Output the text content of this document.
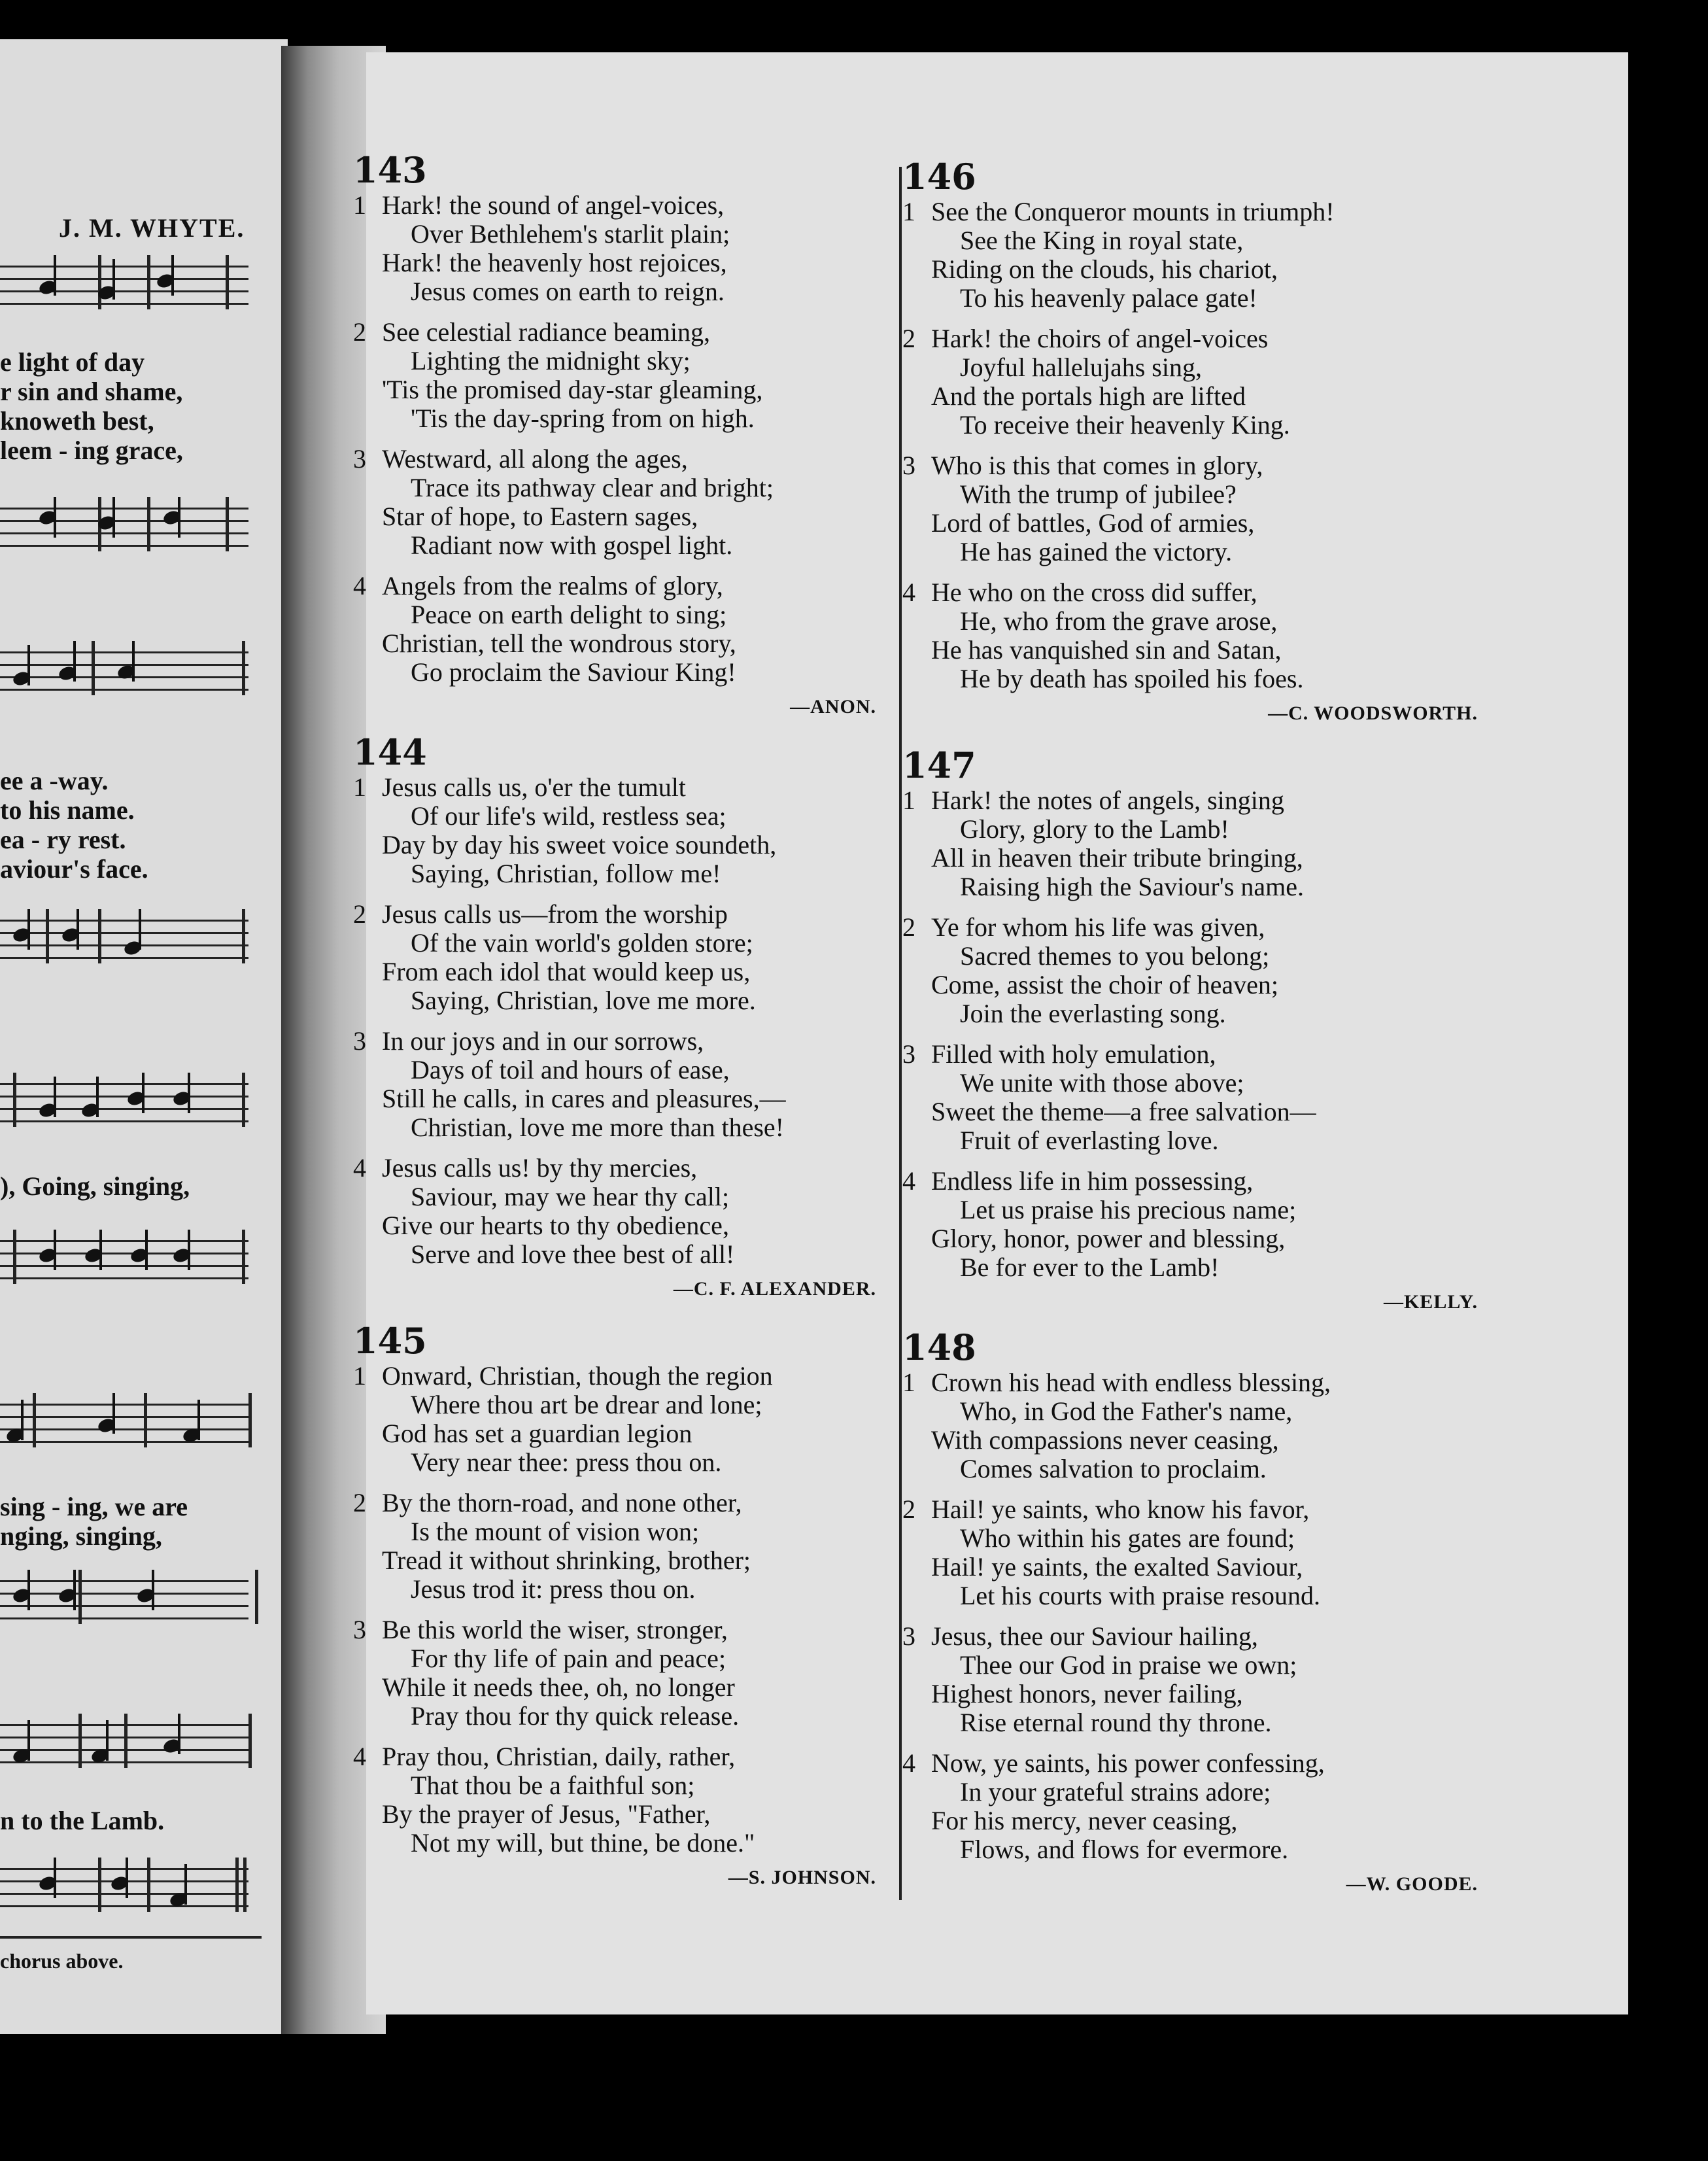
J. M. WHYTE.
e light of day
r sin and shame,
knoweth best,
leem - ing grace,
ee a -way.
to his name.
ea - ry rest.
aviour's face.
), Going, singing,
sing - ing, we are
nging, singing,
n to the Lamb.
chorus above.
143
1 Hark! the sound of angel-voices,
Over Bethlehem's starlit plain;
Hark! the heavenly host rejoices,
Jesus comes on earth to reign.
2 See celestial radiance beaming,
Lighting the midnight sky;
'Tis the promised day-star gleaming,
'Tis the day-spring from on high.
3 Westward, all along the ages,
Trace its pathway clear and bright;
Star of hope, to Eastern sages,
Radiant now with gospel light.
4 Angels from the realms of glory,
Peace on earth delight to sing;
Christian, tell the wondrous story,
Go proclaim the Saviour King!
—ANON.
144
1 Jesus calls us, o'er the tumult
Of our life's wild, restless sea;
Day by day his sweet voice soundeth,
Saying, Christian, follow me!
2 Jesus calls us—from the worship
Of the vain world's golden store;
From each idol that would keep us,
Saying, Christian, love me more.
3 In our joys and in our sorrows,
Days of toil and hours of ease,
Still he calls, in cares and pleasures,—
Christian, love me more than these!
4 Jesus calls us! by thy mercies,
Saviour, may we hear thy call;
Give our hearts to thy obedience,
Serve and love thee best of all!
—C. F. ALEXANDER.
145
1 Onward, Christian, though the region
Where thou art be drear and lone;
God has set a guardian legion
Very near thee: press thou on.
2 By the thorn-road, and none other,
Is the mount of vision won;
Tread it without shrinking, brother;
Jesus trod it: press thou on.
3 Be this world the wiser, stronger,
For thy life of pain and peace;
While it needs thee, oh, no longer
Pray thou for thy quick release.
4 Pray thou, Christian, daily, rather,
That thou be a faithful son;
By the prayer of Jesus, "Father,
Not my will, but thine, be done."
—S. JOHNSON.
146
1 See the Conqueror mounts in triumph!
See the King in royal state,
Riding on the clouds, his chariot,
To his heavenly palace gate!
2 Hark! the choirs of angel-voices
Joyful hallelujahs sing,
And the portals high are lifted
To receive their heavenly King.
3 Who is this that comes in glory,
With the trump of jubilee?
Lord of battles, God of armies,
He has gained the victory.
4 He who on the cross did suffer,
He, who from the grave arose,
He has vanquished sin and Satan,
He by death has spoiled his foes.
—C. WOODSWORTH.
147
1 Hark! the notes of angels, singing
Glory, glory to the Lamb!
All in heaven their tribute bringing,
Raising high the Saviour's name.
2 Ye for whom his life was given,
Sacred themes to you belong;
Come, assist the choir of heaven;
Join the everlasting song.
3 Filled with holy emulation,
We unite with those above;
Sweet the theme—a free salvation—
Fruit of everlasting love.
4 Endless life in him possessing,
Let us praise his precious name;
Glory, honor, power and blessing,
Be for ever to the Lamb!
—KELLY.
148
1 Crown his head with endless blessing,
Who, in God the Father's name,
With compassions never ceasing,
Comes salvation to proclaim.
2 Hail! ye saints, who know his favor,
Who within his gates are found;
Hail! ye saints, the exalted Saviour,
Let his courts with praise resound.
3 Jesus, thee our Saviour hailing,
Thee our God in praise we own;
Highest honors, never failing,
Rise eternal round thy throne.
4 Now, ye saints, his power confessing,
In your grateful strains adore;
For his mercy, never ceasing,
Flows, and flows for evermore.
—W. GOODE.
